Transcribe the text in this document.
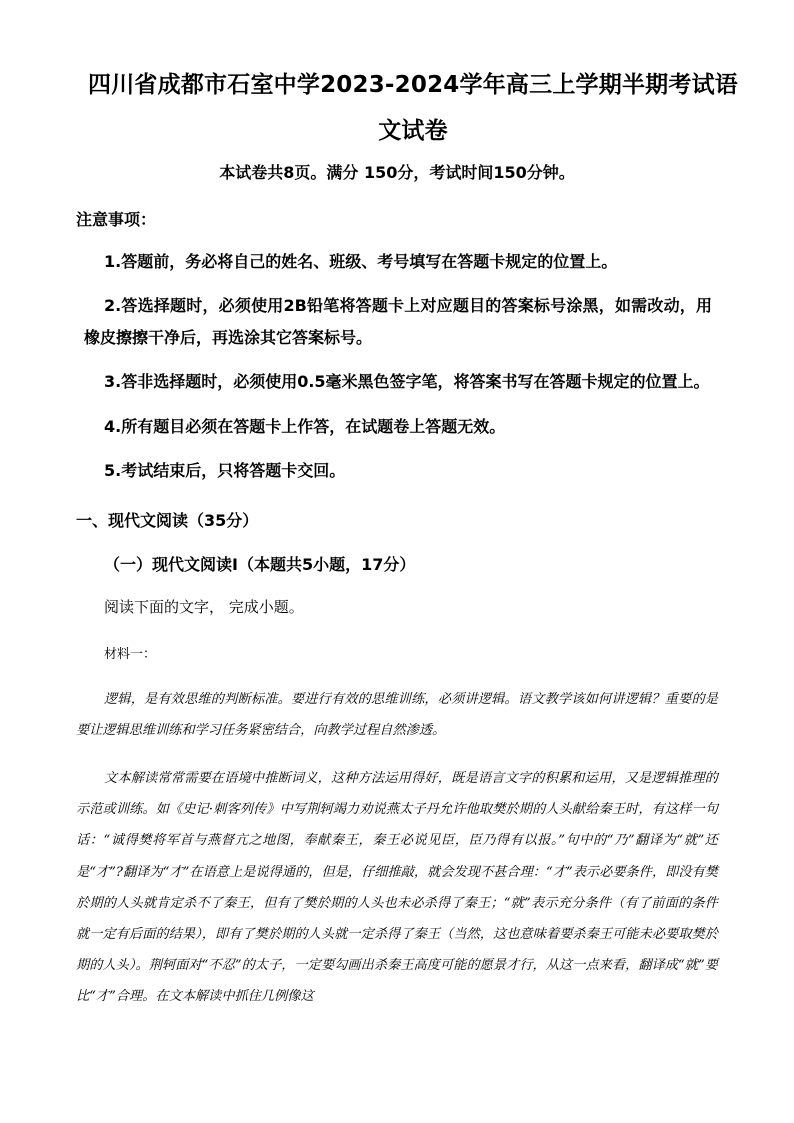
四川省成都市石室中学2023-2024学年高三上学期半期考试语文试卷
本试卷共8页。满分 150分，考试时间150分钟。
注意事项：
1.答题前，务必将自己的姓名、班级、考号填写在答题卡规定的位置上。
2.答选择题时，必须使用2B铅笔将答题卡上对应题目的答案标号涂黑，如需改动，用橡皮擦擦干净后，再选涂其它答案标号。
3.答非选择题时，必须使用0.5毫米黑色签字笔，将答案书写在答题卡规定的位置上。
4.所有题目必须在答题卡上作答，在试题卷上答题无效。
5.考试结束后，只将答题卡交回。
一、现代文阅读（35分）
（一）现代文阅读Ⅰ（本题共5小题，17分）
阅读下面的文字， 完成小题。
材料一：
逻辑，是有效思维的判断标准。要进行有效的思维训练，必须讲逻辑。语文教学该如何讲逻辑？重要的是要让逻辑思维训练和学习任务紧密结合，向教学过程自然渗透。
文本解读常常需要在语境中推断词义，这种方法运用得好，既是语言文字的积累和运用，又是逻辑推理的示范或训练。如《史记·刺客列传》中写荆轲竭力劝说燕太子丹允许他取樊於期的人头献给秦王时，有这样一句话：“诚得樊将军首与燕督亢之地图，奉献秦王，秦王必说见臣，臣乃得有以报。”句中的“乃”翻译为“就”还是“才”?翻译为“才”在语意上是说得通的，但是，仔细推敲，就会发现不甚合理：“才”表示必要条件，即没有樊於期的人头就肯定杀不了秦王，但有了樊於期的人头也未必杀得了秦王；“就”表示充分条件（有了前面的条件就一定有后面的结果），即有了樊於期的人头就一定杀得了秦王（当然，这也意味着要杀秦王可能未必要取樊於期的人头）。荆轲面对“不忍”的太子，一定要勾画出杀秦王高度可能的愿景才行，从这一点来看，翻译成“就”要比“才”合理。在文本解读中抓住几例像这
